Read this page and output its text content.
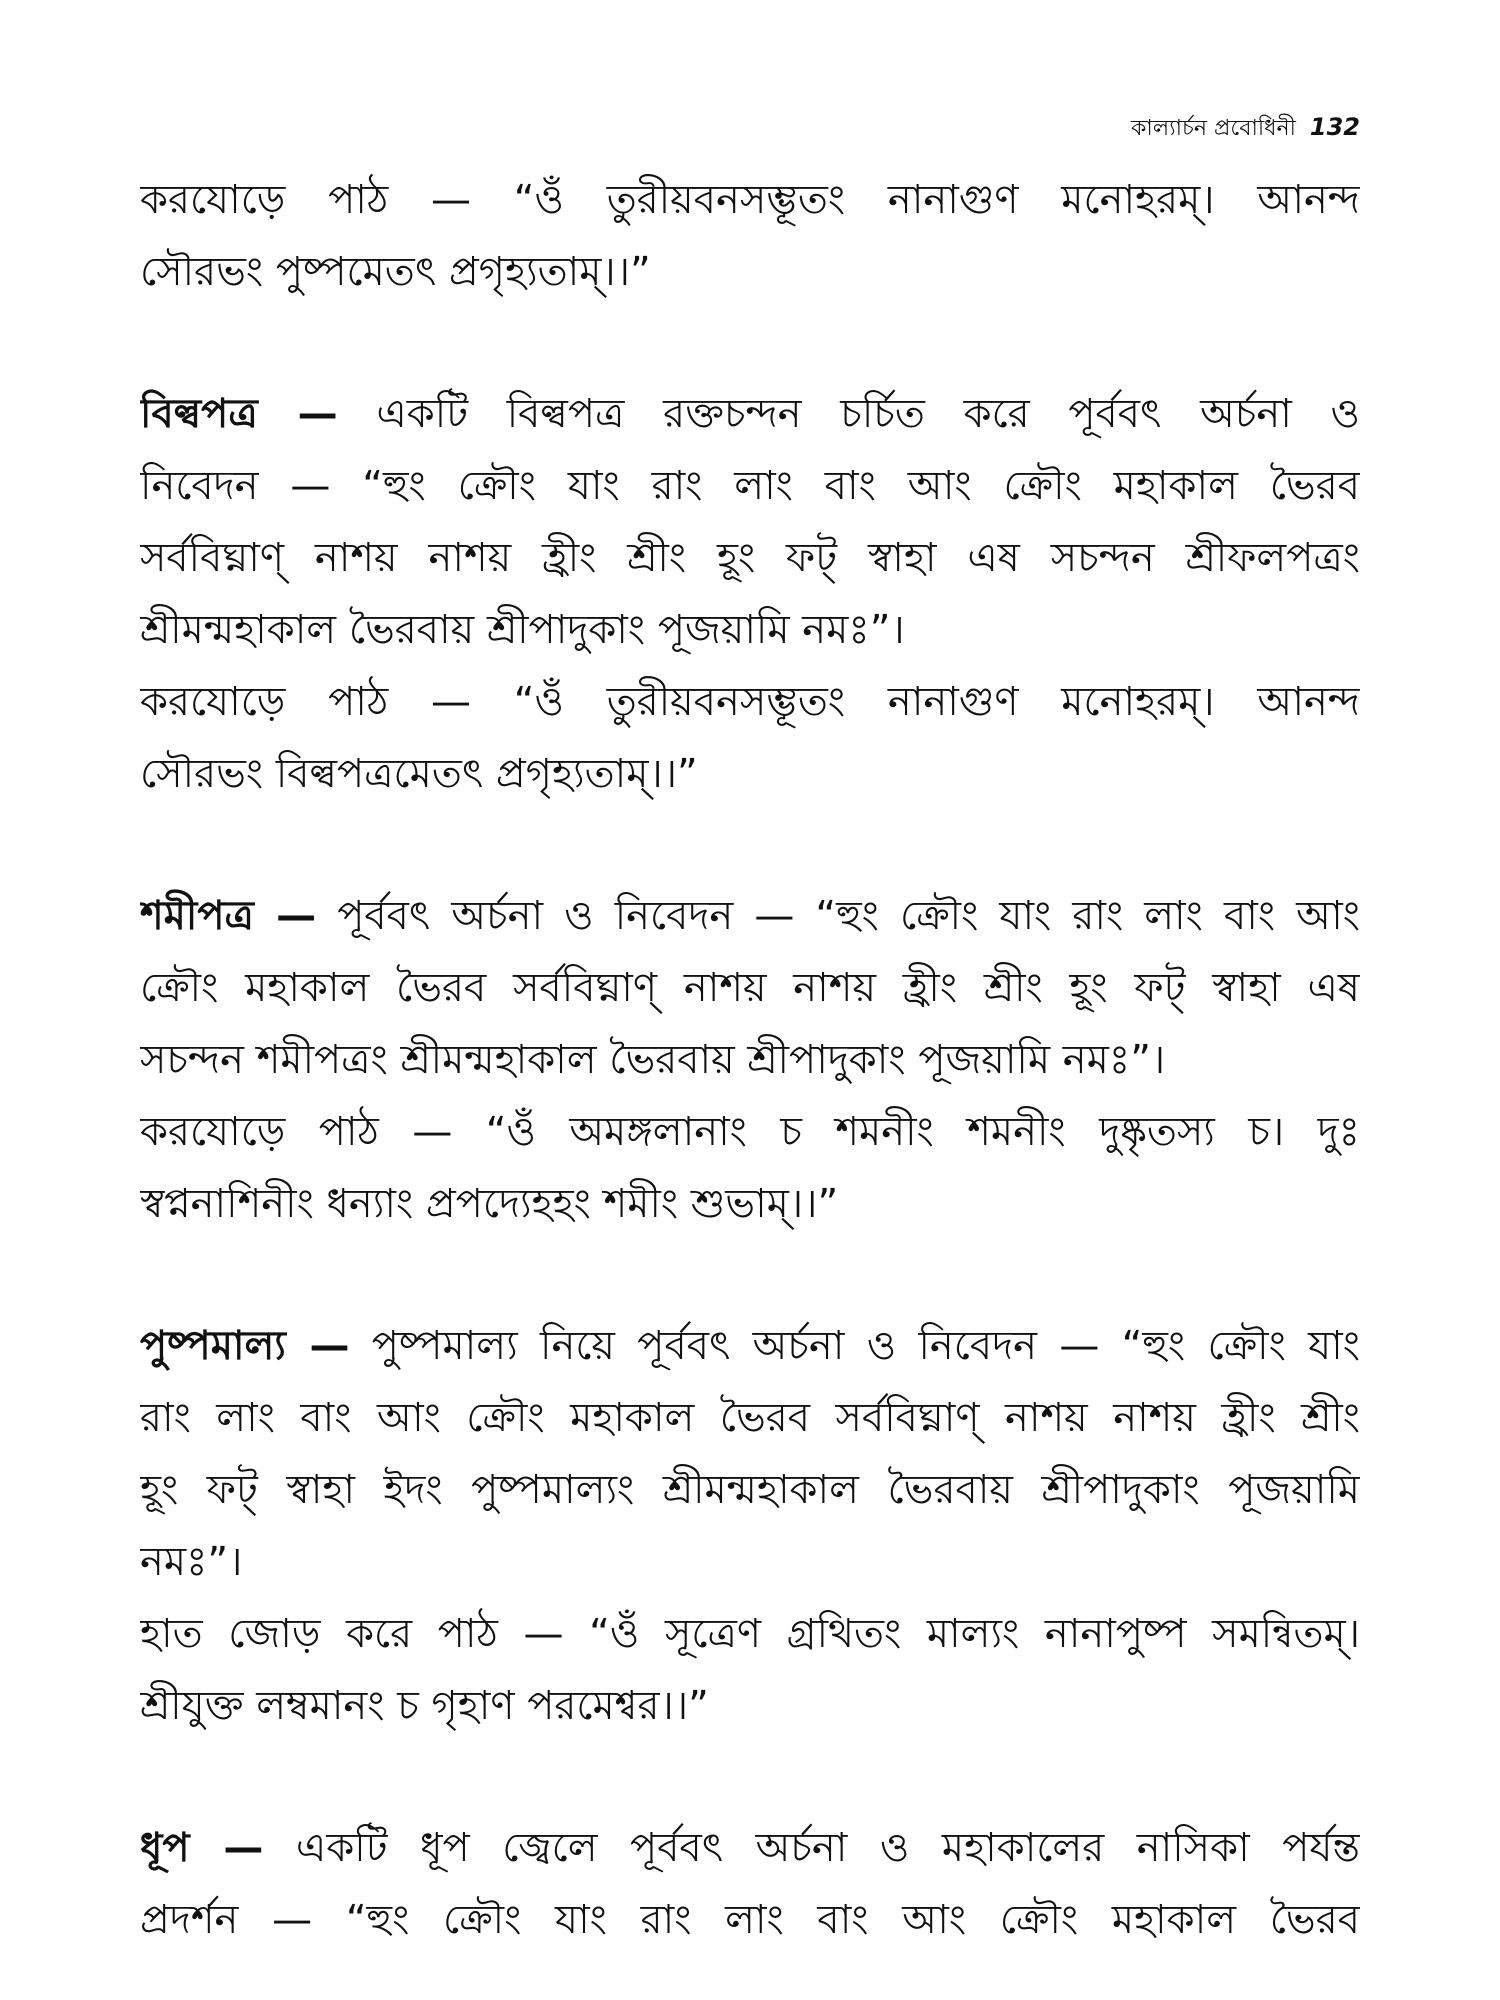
কাল্যার্চন প্রবোধিনী 132
করযোড়ে পাঠ — “ওঁ তুরীয়বনসম্ভূতং নানাগুণ মনোহরম্। আনন্দ
সৌরভং পুষ্পমেতৎ প্রগৃহ্যতাম্।।”
বিল্বপত্র — একটি বিল্বপত্র রক্তচন্দন চর্চিত করে পূর্ববৎ অর্চনা ও
নিবেদন — “হুং ক্রৌং যাং রাং লাং বাং আং ক্রৌং মহাকাল ভৈরব
সর্ববিঘ্নাণ্ নাশয় নাশয় হ্রীং শ্রীং হূং ফট্ স্বাহা এষ সচন্দন শ্রীফলপত্রং
শ্রীমন্মহাকাল ভৈরবায় শ্রীপাদুকাং পূজয়ামি নমঃ”।
করযোড়ে পাঠ — “ওঁ তুরীয়বনসম্ভূতং নানাগুণ মনোহরম্। আনন্দ
সৌরভং বিল্বপত্রমেতৎ প্রগৃহ্যতাম্।।”
শমীপত্র — পূর্ববৎ অর্চনা ও নিবেদন — “হুং ক্রৌং যাং রাং লাং বাং আং
ক্রৌং মহাকাল ভৈরব সর্ববিঘ্নাণ্ নাশয় নাশয় হ্রীং শ্রীং হূং ফট্ স্বাহা এষ
সচন্দন শমীপত্রং শ্রীমন্মহাকাল ভৈরবায় শ্রীপাদুকাং পূজয়ামি নমঃ”।
করযোড়ে পাঠ — “ওঁ অমঙ্গলানাং চ শমনীং শমনীং দুষ্কৃতস্য চ। দুঃ
স্বপ্ননাশিনীং ধন্যাং প্রপদ্যেহহং শমীং শুভাম্।।”
পুষ্পমাল্য — পুষ্পমাল্য নিয়ে পূর্ববৎ অর্চনা ও নিবেদন — “হুং ক্রৌং যাং
রাং লাং বাং আং ক্রৌং মহাকাল ভৈরব সর্ববিঘ্নাণ্ নাশয় নাশয় হ্রীং শ্রীং
হূং ফট্ স্বাহা ইদং পুষ্পমাল্যং শ্রীমন্মহাকাল ভৈরবায় শ্রীপাদুকাং পূজয়ামি
নমঃ”।
হাত জোড় করে পাঠ — “ওঁ সূত্রেণ গ্রথিতং মাল্যং নানাপুষ্প সমন্বিতম্।
শ্রীযুক্ত লম্বমানং চ গৃহাণ পরমেশ্বর।।”
ধূপ — একটি ধূপ জ্বেলে পূর্ববৎ অর্চনা ও মহাকালের নাসিকা পর্যন্ত
প্রদর্শন — “হুং ক্রৌং যাং রাং লাং বাং আং ক্রৌং মহাকাল ভৈরব
